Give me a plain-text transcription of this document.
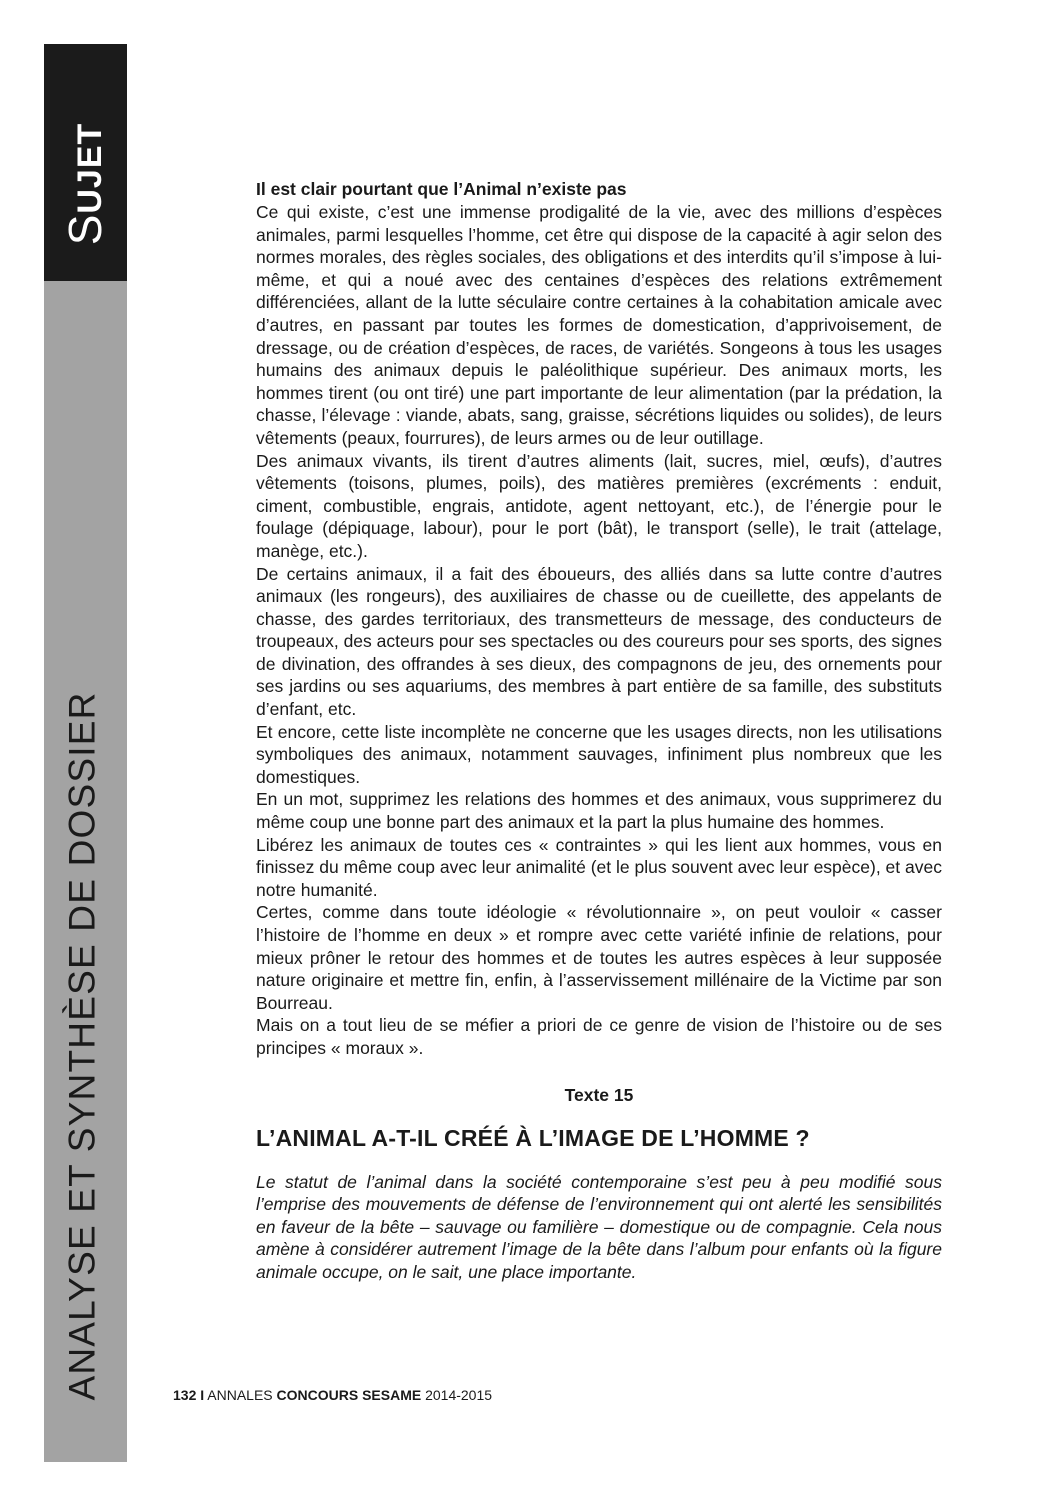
SUJET
ANALYSE ET SYNTHÈSE DE DOSSIER

Il est clair pourtant que l’Animal n’existe pas

Ce qui existe, c’est une immense prodigalité de la vie, avec des millions d’espèces animales, parmi lesquelles l’homme, cet être qui dispose de la capacité à agir selon des normes morales, des règles sociales, des obligations et des interdits qu’il s’impose à lui-même, et qui a noué avec des centaines d’espèces des relations extrêmement différenciées, allant de la lutte séculaire contre certaines à la cohabitation amicale avec d’autres, en passant par toutes les formes de domestication, d’apprivoisement, de dressage, ou de création d’espèces, de races, de variétés. Songeons à tous les usages humains des animaux depuis le paléolithique supérieur. Des animaux morts, les hommes tirent (ou ont tiré) une part importante de leur alimentation (par la prédation, la chasse, l’élevage : viande, abats, sang, graisse, sécrétions liquides ou solides), de leurs vêtements (peaux, fourrures), de leurs armes ou de leur outillage.

Des animaux vivants, ils tirent d’autres aliments (lait, sucres, miel, œufs), d’autres vêtements (toisons, plumes, poils), des matières premières (excréments : enduit, ciment, combustible, engrais, antidote, agent nettoyant, etc.), de l’énergie pour le foulage (dépiquage, labour), pour le port (bât), le transport (selle), le trait (attelage, manège, etc.).

De certains animaux, il a fait des éboueurs, des alliés dans sa lutte contre d’autres animaux (les rongeurs), des auxiliaires de chasse ou de cueillette, des appelants de chasse, des gardes territoriaux, des transmetteurs de message, des conducteurs de troupeaux, des acteurs pour ses spectacles ou des coureurs pour ses sports, des signes de divination, des offrandes à ses dieux, des compagnons de jeu, des ornements pour ses jardins ou ses aquariums, des membres à part entière de sa famille, des substituts d’enfant, etc.

Et encore, cette liste incomplète ne concerne que les usages directs, non les utilisations symboliques des animaux, notamment sauvages, infiniment plus nombreux que les domestiques.

En un mot, supprimez les relations des hommes et des animaux, vous supprimerez du même coup une bonne part des animaux et la part la plus humaine des hommes.

Libérez les animaux de toutes ces « contraintes » qui les lient aux hommes, vous en finissez du même coup avec leur animalité (et le plus souvent avec leur espèce), et avec notre humanité.

Certes, comme dans toute idéologie « révolutionnaire », on peut vouloir « casser l’histoire de l’homme en deux » et rompre avec cette variété infinie de relations, pour mieux prôner le retour des hommes et de toutes les autres espèces à leur supposée nature originaire et mettre fin, enfin, à l’asservissement millénaire de la Victime par son Bourreau.

Mais on a tout lieu de se méfier a priori de ce genre de vision de l’histoire ou de ses principes « moraux ».

Texte 15

L’ANIMAL A-T-IL CRÉÉ À L’IMAGE DE L’HOMME ?

Le statut de l’animal dans la société contemporaine s’est peu à peu modifié sous l’emprise des mouvements de défense de l’environnement qui ont alerté les sensibilités en faveur de la bête – sauvage ou familière – domestique ou de compagnie. Cela nous amène à considérer autrement l’image de la bête dans l’album pour enfants où la figure animale occupe, on le sait, une place importante.

132 I ANNALES CONCOURS SESAME 2014-2015
